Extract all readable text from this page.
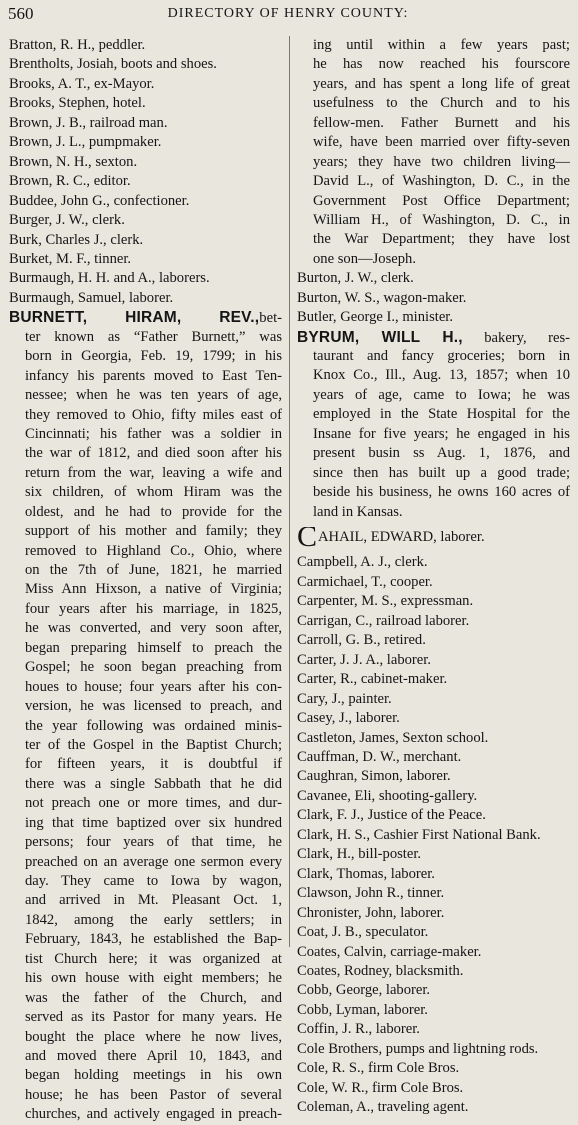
560	DIRECTORY OF HENRY COUNTY:
Bratton, R. H., peddler.
Brentholts, Josiah, boots and shoes.
Brooks, A. T., ex-Mayor.
Brooks, Stephen, hotel.
Brown, J. B., railroad man.
Brown, J. L., pumpmaker.
Brown, N. H., sexton.
Brown, R. C., editor.
Buddee, John G., confectioner.
Burger, J. W., clerk.
Burk, Charles J., clerk.
Burket, M. F., tinner.
Burmaugh, H. H. and A., laborers.
Burmaugh, Samuel, laborer.
BURNETT, HIRAM, REV.,bet-
ter known as “Father Burnett,” was
born in Georgia, Feb. 19, 1799; in his
infancy his parents moved to East Ten-
nessee; when he was ten years of age,
they removed to Ohio, fifty miles east of
Cincinnati; his father was a soldier in
the war of 1812, and died soon after his
return from the war, leaving a wife and
six children, of whom Hiram was the
oldest, and he had to provide for the
support of his mother and family; they
removed to Highland Co., Ohio, where
on the 7th of June, 1821, he married
Miss Ann Hixson, a native of Virginia;
four years after his marriage, in 1825,
he was converted, and very soon after,
began preparing himself to preach the
Gospel; he soon began preaching from
houes to house; four years after his con-
version, he was licensed to preach, and
the year following was ordained minis-
ter of the Gospel in the Baptist Church;
for fifteen years, it is doubtful if
there was a single Sabbath that he did
not preach one or more times, and dur-
ing that time baptized over six hundred
persons; four years of that time, he
preached on an average one sermon every
day. They came to Iowa by wagon,
and arrived in Mt. Pleasant Oct. 1,
1842, among the early settlers; in
February, 1843, he established the Bap-
tist Church here; it was organized at
his own house with eight members; he
was the father of the Church, and
served as its Pastor for many years. He
bought the place where he now lives,
and moved there April 10, 1843, and
began holding meetings in his own
house; he has been Pastor of several
churches, and actively engaged in preach-
ing until within a few years past;
he has now reached his fourscore
years, and has spent a long life of great
usefulness to the Church and to his
fellow-men. Father Burnett and his
wife, have been married over fifty-seven
years; they have two children living—
David L., of Washington, D. C., in the
Government Post Office Department;
William H., of Washington, D. C., in
the War Department; they have lost
one son—Joseph.
Burton, J. W., clerk.
Burton, W. S., wagon-maker.
Butler, George I., minister.
BYRUM, WILL H., bakery, res-
taurant and fancy groceries; born in
Knox Co., Ill., Aug. 13, 1857; when 10
years of age, came to Iowa; he was
employed in the State Hospital for the
Insane for five years; he engaged in his
present busin ss Aug. 1, 1876, and
since then has built up a good trade;
beside his business, he owns 160 acres of
land in Kansas.
CAHAIL, EDWARD, laborer.
Campbell, A. J., clerk.
Carmichael, T., cooper.
Carpenter, M. S., expressman.
Carrigan, C., railroad laborer.
Carroll, G. B., retired.
Carter, J. J. A., laborer.
Carter, R., cabinet-maker.
Cary, J., painter.
Casey, J., laborer.
Castleton, James, Sexton school.
Cauffman, D. W., merchant.
Caughran, Simon, laborer.
Cavanee, Eli, shooting-gallery.
Clark, F. J., Justice of the Peace.
Clark, H. S., Cashier First National Bank.
Clark, H., bill-poster.
Clark, Thomas, laborer.
Clawson, John R., tinner.
Chronister, John, laborer.
Coat, J. B., speculator.
Coates, Calvin, carriage-maker.
Coates, Rodney, blacksmith.
Cobb, George, laborer.
Cobb, Lyman, laborer.
Coffin, J. R., laborer.
Cole Brothers, pumps and lightning rods.
Cole, R. S., firm Cole Bros.
Cole, W. R., firm Cole Bros.
Coleman, A., traveling agent.
